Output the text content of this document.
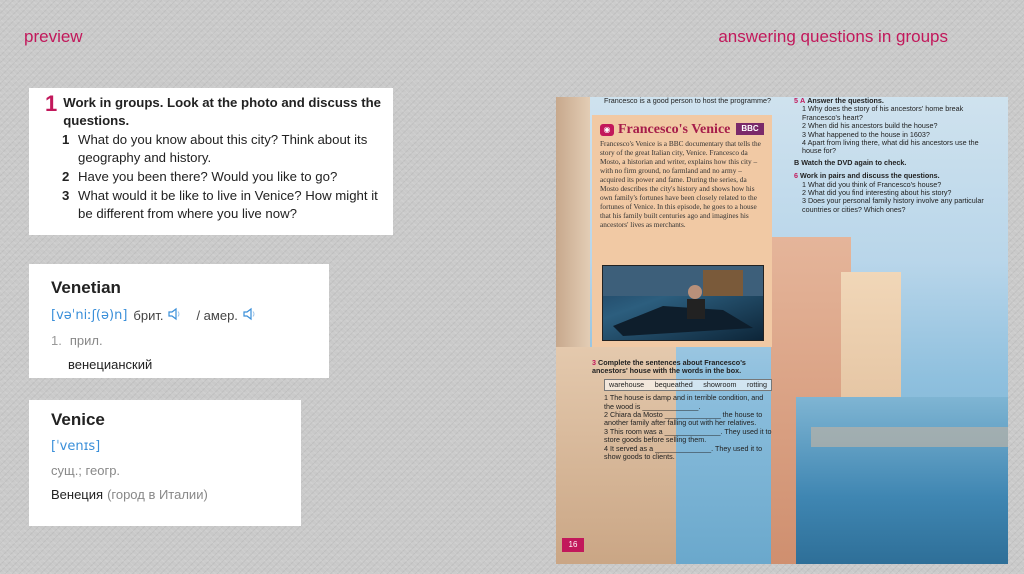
preview	answering questions in groups
1 Work in groups. Look at the photo and discuss the questions.
1 What do you know about this city? Think about its geography and history.
2 Have you been there? Would you like to go?
3 What would it be like to live in Venice? How might it be different from where you live now?
Venetian
[vəˈniːʃ(ə)n] брит.	/ амер.
1. прил.
венецианский
Venice
[ˈvenɪs]
сущ.; геогр.
Венеция (город в Италии)
Francesco is a good person to host the programme?
◉ Francesco's Venice	BBC
Francesco's Venice is a BBC documentary that tells the story of the great Italian city, Venice. Francesco da Mosto, a historian and writer, explains how this city – with no firm ground, no farmland and no army – acquired its power and fame. During the series, da Mosto describes the city's history and shows how his own family's fortunes have been closely related to the fortunes of Venice. In this episode, he goes to a house that his family built centuries ago and imagines his ancestors' lives as merchants.
3 Complete the sentences about Francesco's ancestors' house with the words in the box.
warehouse bequeathed showroom rotting
1 The house is damp and in terrible condition, and the wood is ______________.
2 Chiara da Mosto ______________ the house to another family after falling out with her relatives.
3 This room was a ______________. They used it to store goods before selling them.
4 It served as a ______________. They used it to show goods to clients.
5 A Answer the questions.
1 Why does the story of his ancestors' home break Francesco's heart?
2 When did his ancestors build the house?
3 What happened to the house in 1603?
4 Apart from living there, what did his ancestors use the house for?
B Watch the DVD again to check.
6 Work in pairs and discuss the questions.
1 What did you think of Francesco's house?
2 What did you find interesting about his story?
3 Does your personal family history involve any particular countries or cities? Which ones?
16
